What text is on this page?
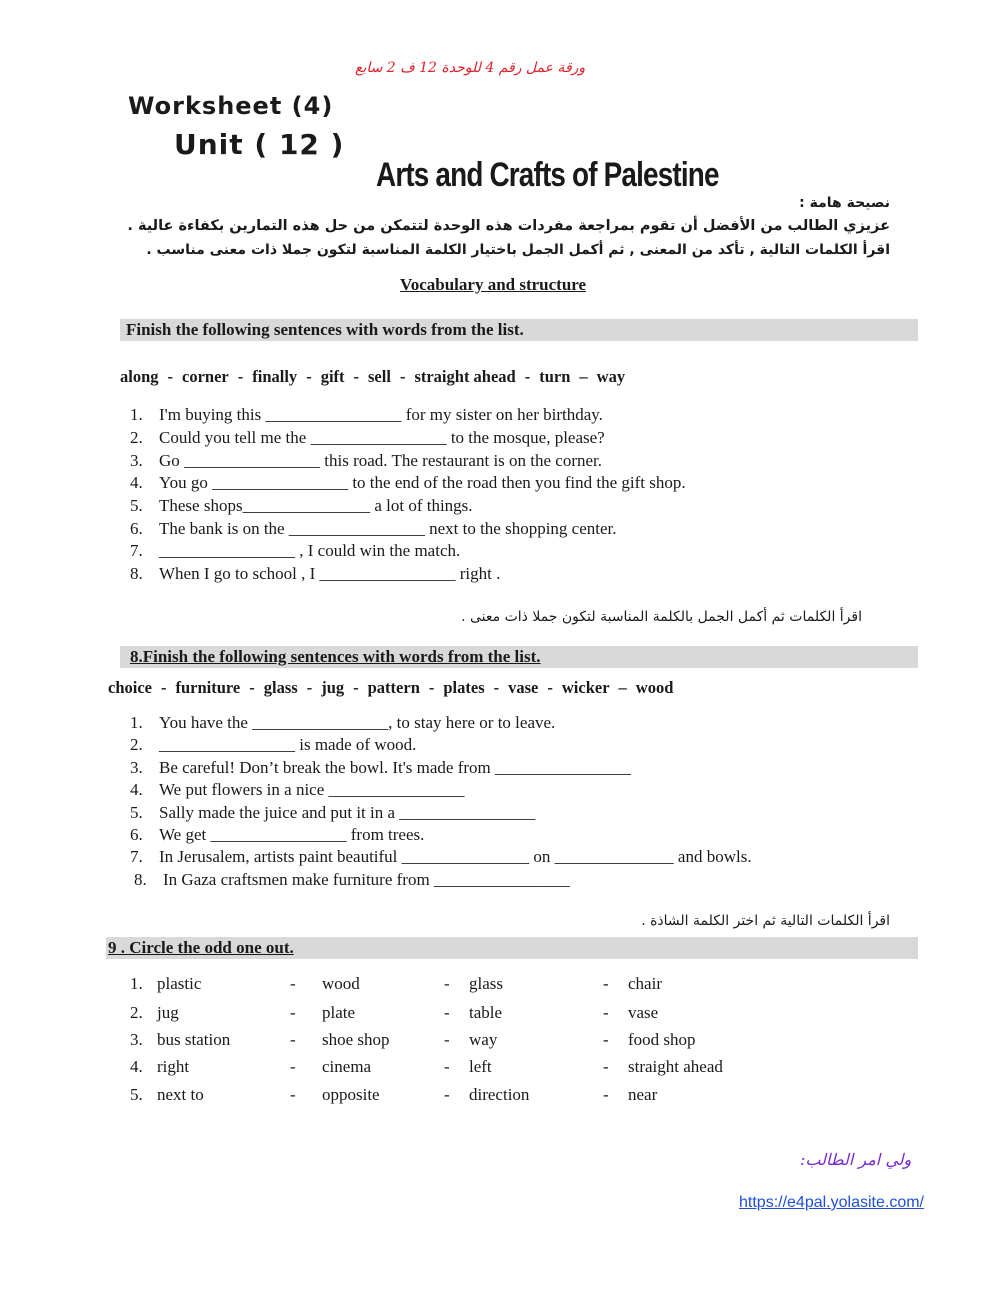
ورقة عمل رقم 4 للوحدة 12 ف 2 سابع
Worksheet (4)
Unit ( 12 )
Arts and Crafts of Palestine
نصيحة هامة :
عزيزي الطالب من الأفضل أن تقوم بمراجعة مفردات هذه الوحدة لتتمكن من حل هذه التمارين بكفاءة عالية .
اقرأ الكلمات التالية , تأكد من المعنى , ثم أكمل الجمل باختيار الكلمة المناسبة لتكون جملا ذات معنى مناسب .
Vocabulary and structure
Finish the following sentences with words from the list.
along - corner - finally - gift - sell - straight ahead - turn – way
1. I'm buying this ________________ for my sister on her birthday.
2. Could you tell me the ________________ to the mosque, please?
3. Go ________________ this road. The restaurant is on the corner.
4. You go ________________ to the end of the road then you find the gift shop.
5. These shops_______________ a lot of things.
6. The bank is on the ________________ next to the shopping center.
7. ________________ , I could win the match.
8. When I go to school , I ________________ right .
اقرأ الكلمات ثم أكمل الجمل بالكلمة المناسبة لتكون جملا ذات معنى .
8.Finish the following sentences with words from the list.
choice - furniture - glass - jug - pattern - plates - vase - wicker – wood
1. You have the ________________, to stay here or to leave.
2. ________________ is made of wood.
3. Be careful! Don’t break the bowl. It's made from ________________
4. We put flowers in a nice ________________
5. Sally made the juice and put it in a ________________
6. We get ________________ from trees.
7. In Jerusalem, artists paint beautiful _______________ on ______________ and bowls.
8. In Gaza craftsmen make furniture from ________________
اقرأ الكلمات التالية ثم اختر الكلمة الشاذة .
9 . Circle the odd one out.
1. plastic	- wood	- glass	- chair
2. jug	- plate	- table	- vase
3. bus station	- shoe shop	- way	- food shop
4. right	- cinema	- left	- straight ahead
5. next to	- opposite	- direction	- near
ولي امر الطالب:
https://e4pal.yolasite.com/
